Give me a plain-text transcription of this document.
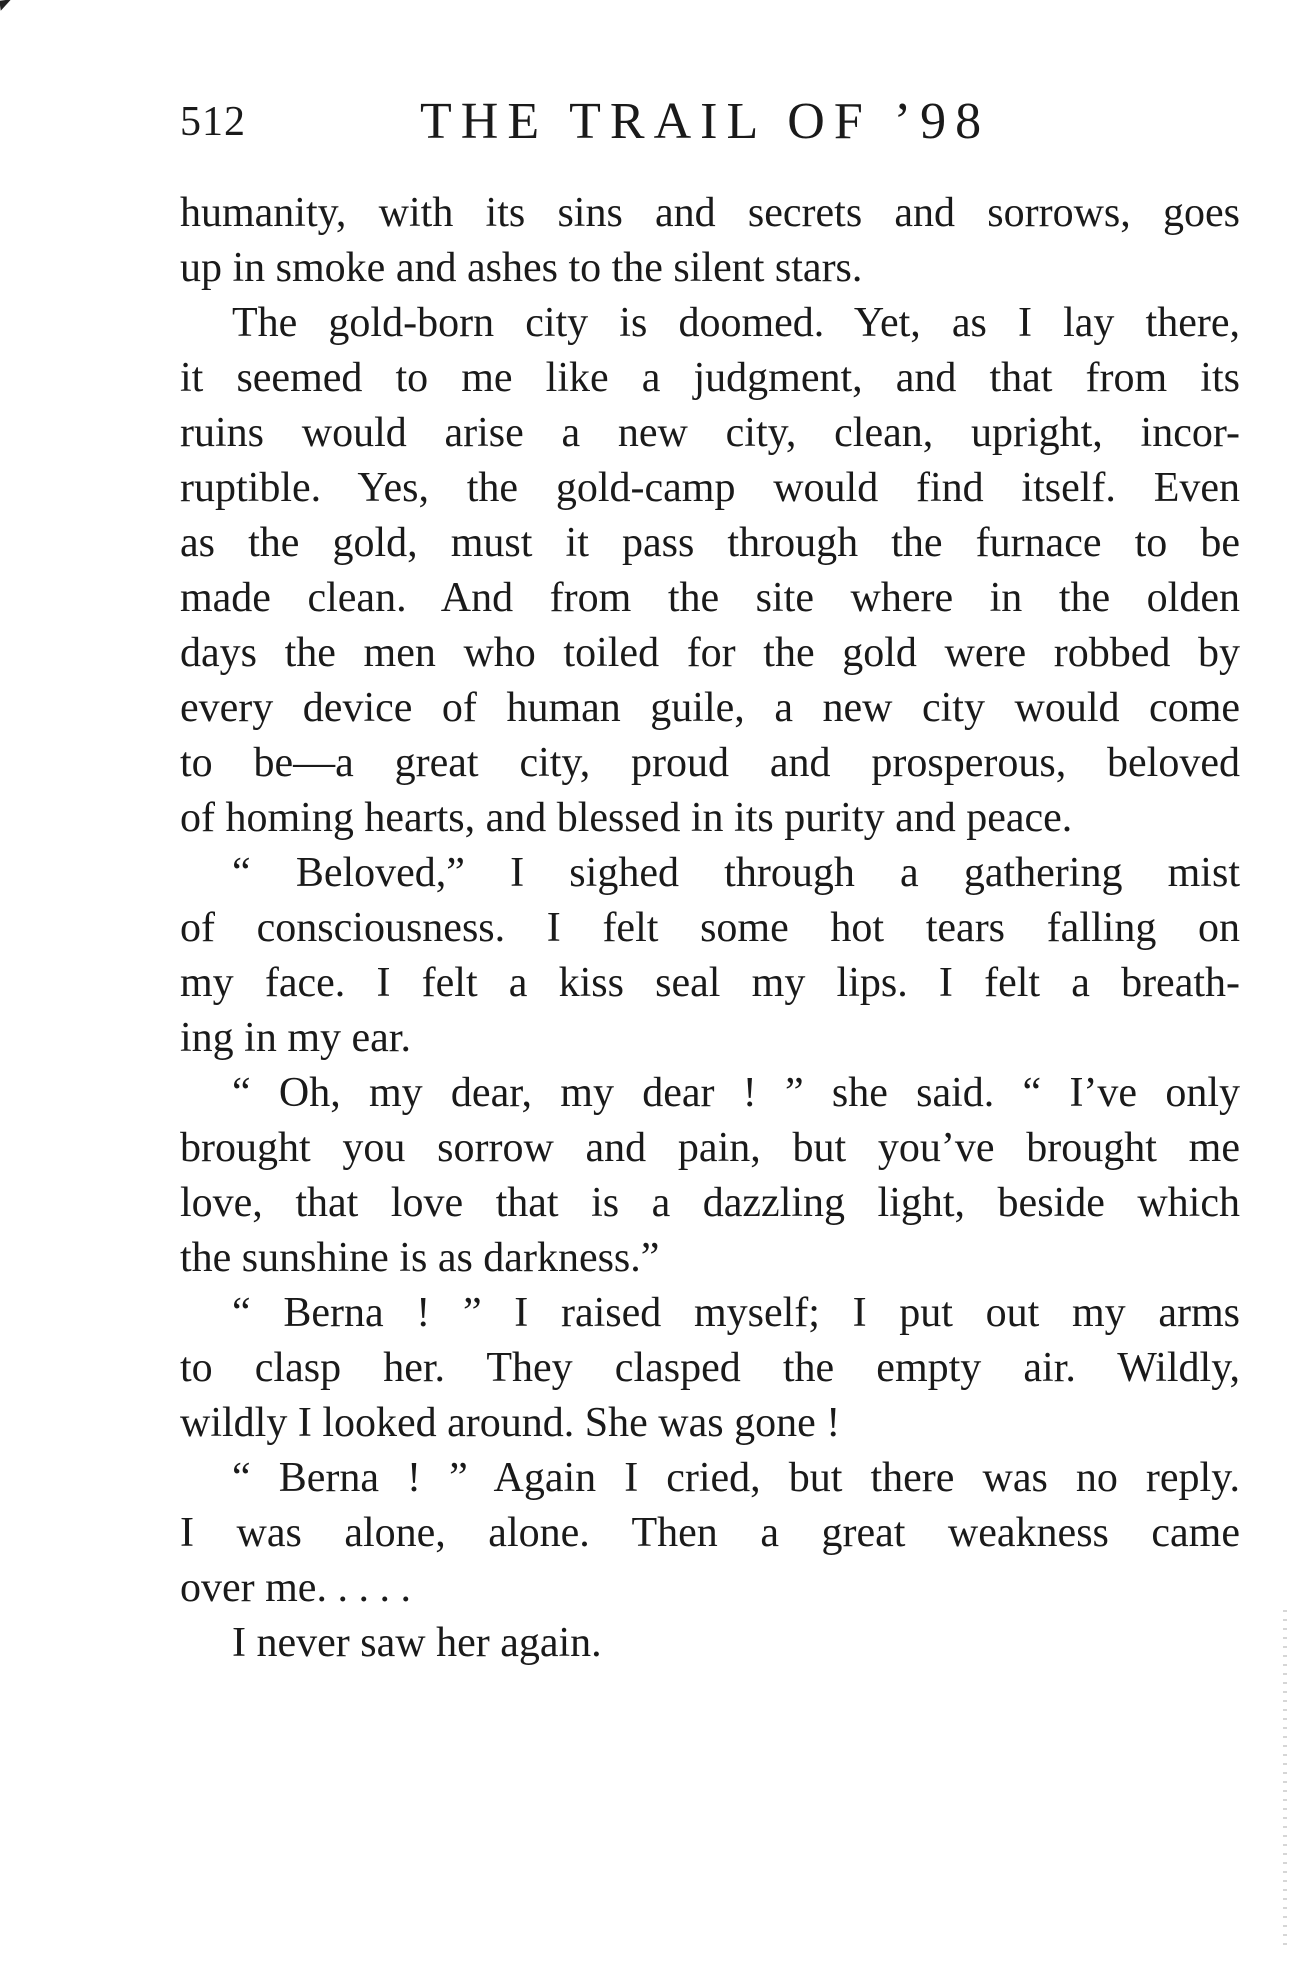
512	THE TRAIL OF ’98
humanity, with its sins and secrets and sorrows, goes
up in smoke and ashes to the silent stars.
The gold-born city is doomed. Yet, as I lay there,
it seemed to me like a judgment, and that from its
ruins would arise a new city, clean, upright, incor-
ruptible. Yes, the gold-camp would find itself. Even
as the gold, must it pass through the furnace to be
made clean. And from the site where in the olden
days the men who toiled for the gold were robbed by
every device of human guile, a new city would come
to be—a great city, proud and prosperous, beloved
of homing hearts, and blessed in its purity and peace.
“ Beloved,” I sighed through a gathering mist
of consciousness. I felt some hot tears falling on
my face. I felt a kiss seal my lips. I felt a breath-
ing in my ear.
“ Oh, my dear, my dear ! ” she said. “ I’ve only
brought you sorrow and pain, but you’ve brought me
love, that love that is a dazzling light, beside which
the sunshine is as darkness.”
“ Berna ! ” I raised myself; I put out my arms
to clasp her. They clasped the empty air. Wildly,
wildly I looked around. She was gone !
“ Berna ! ” Again I cried, but there was no reply.
I was alone, alone. Then a great weakness came
over me. . . . .
I never saw her again.
